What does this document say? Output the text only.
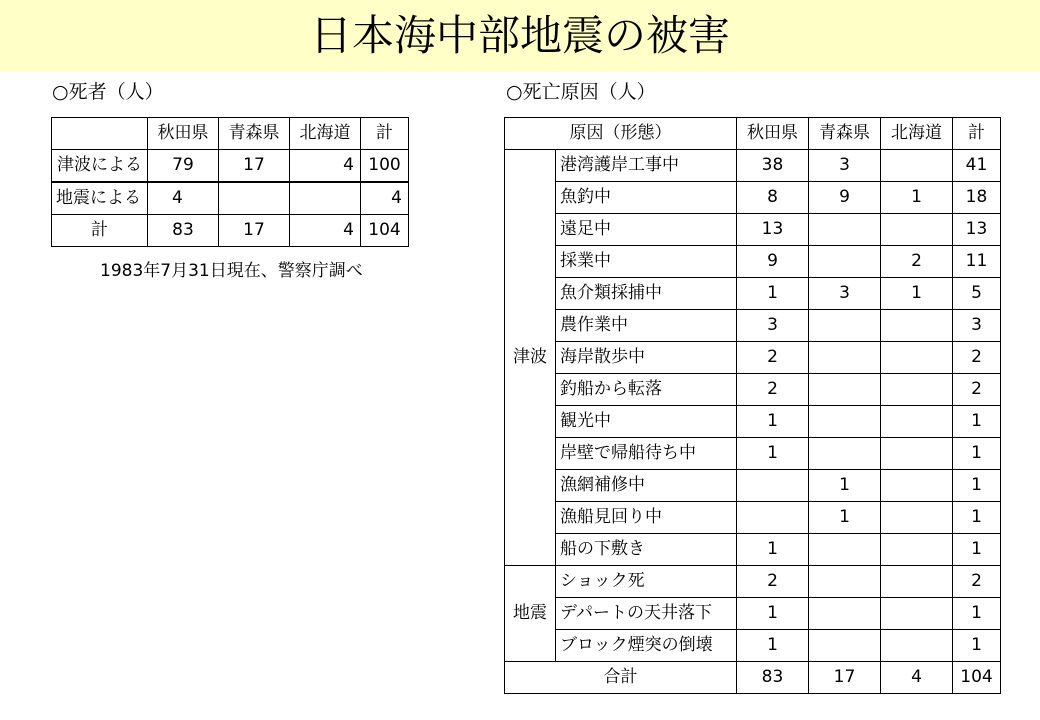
日本海中部地震の被害
○死者（人）	○死亡原因（人）
	秋田県	青森県	北海道	計
津波による	79	17	4	100
地震による	4			4
計	83	17	4	104
1983年7月31日現在、警察庁調べ
原因（形態）		秋田県	青森県	北海道	計
津波	港湾護岸工事中	38	3		41
	魚釣中	8	9	1	18
	遠足中	13			13
	採業中	9		2	11
	魚介類採捕中	1	3	1	5
	農作業中	3			3
	海岸散歩中	2			2
	釣船から転落	2			2
	観光中	1			1
	岸壁で帰船待ち中	1			1
	漁網補修中		1		1
	漁船見回り中		1		1
	船の下敷き	1			1
地震	ショック死	2			2
	デパートの天井落下	1			1
	ブロック煙突の倒壊	1			1
合計		83	17	4	104
